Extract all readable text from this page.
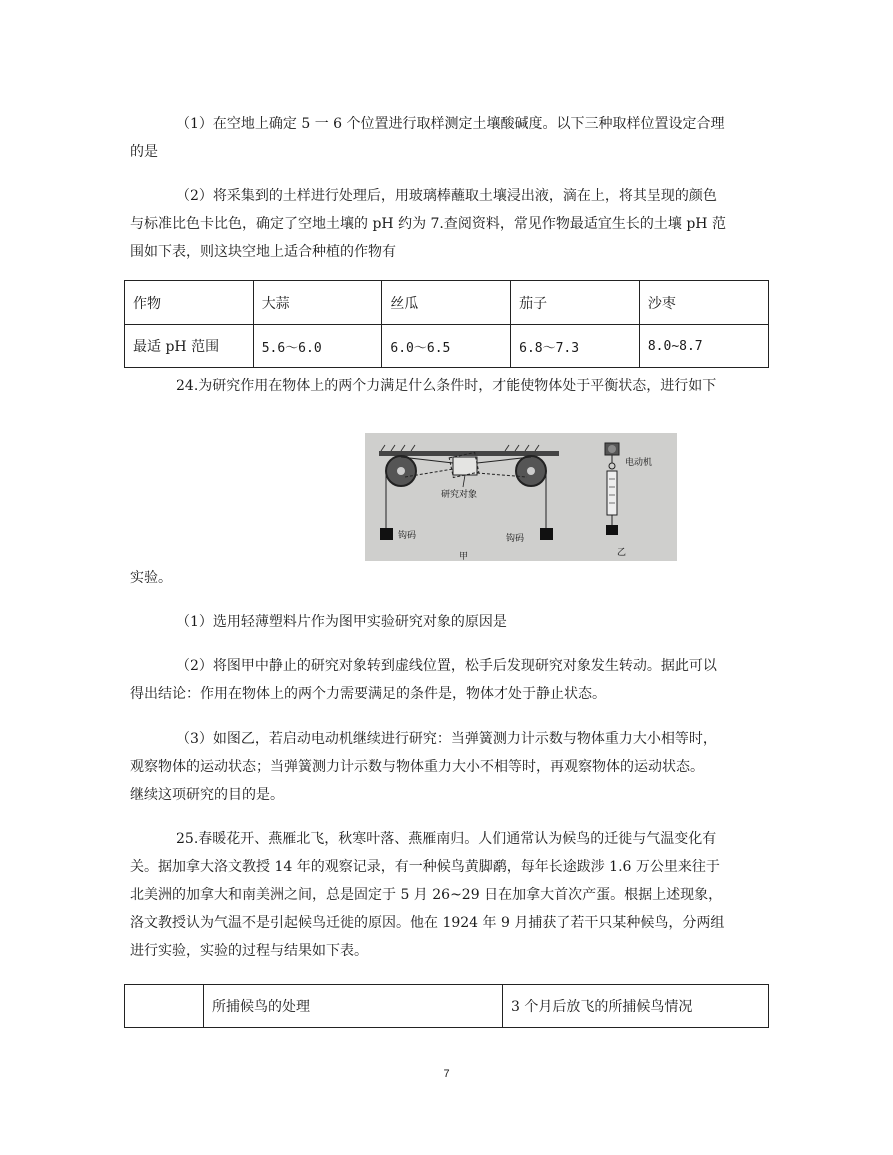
（1）在空地上确定 5 一 6 个位置进行取样测定土壤酸碱度。以下三种取样位置设定合理
的是
（2）将采集到的土样进行处理后，用玻璃棒蘸取土壤浸出液，滴在上，将其呈现的颜色
与标准比色卡比色，确定了空地土壤的 pH 约为 7.查阅资料，常见作物最适宜生长的土壤 pH 范
围如下表，则这块空地上适合种植的作物有
作物	大蒜	丝瓜	茄子	沙枣
最适 pH 范围	5.6～6.0	6.0～6.5	6.8～7.3	8.0~8.7
24.为研究作用在物体上的两个力满足什么条件时，才能使物体处于平衡状态，进行如下
研究对象
钩码	钩码
甲
电动机
乙
实验。
（1）选用轻薄塑料片作为图甲实验研究对象的原因是
（2）将图甲中静止的研究对象转到虚线位置，松手后发现研究对象发生转动。据此可以
得出结论：作用在物体上的两个力需要满足的条件是，物体才处于静止状态。
（3）如图乙，若启动电动机继续进行研究：当弹簧测力计示数与物体重力大小相等时，
观察物体的运动状态；当弹簧测力计示数与物体重力大小不相等时，再观察物体的运动状态。
继续这项研究的目的是。
25.春暖花开、燕雁北飞，秋寒叶落、燕雁南归。人们通常认为候鸟的迁徙与气温变化有
关。据加拿大洛文教授 14 年的观察记录，有一种候鸟黄脚鹬，每年长途跋涉 1.6 万公里来往于
北美洲的加拿大和南美洲之间，总是固定于 5 月 26~29 日在加拿大首次产蛋。根据上述现象，
洛文教授认为气温不是引起候鸟迁徙的原因。他在 1924 年 9 月捕获了若干只某种候鸟，分两组
进行实验，实验的过程与结果如下表。
	所捕候鸟的处理	3 个月后放飞的所捕候鸟情况
7
